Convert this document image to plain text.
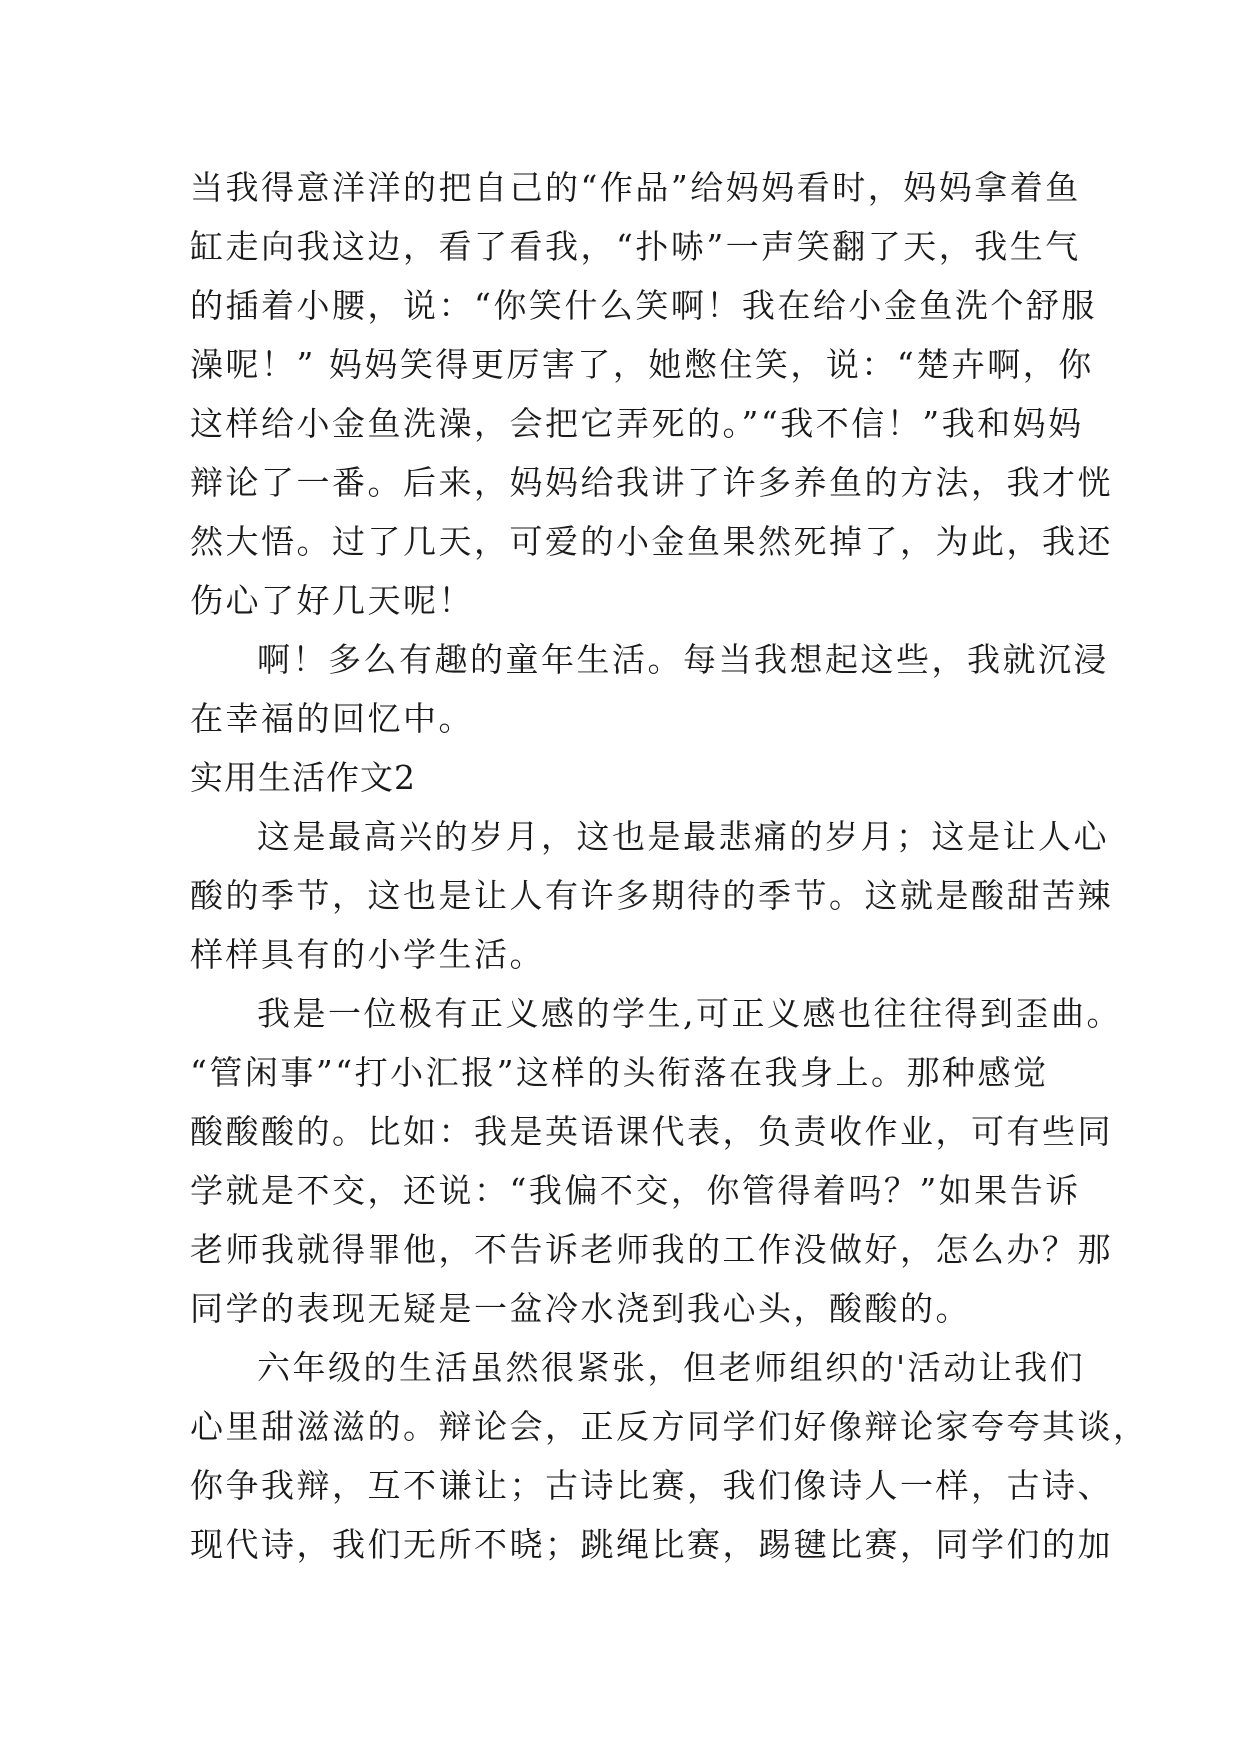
当我得意洋洋的把自己的“作品”给妈妈看时，妈妈拿着鱼
缸走向我这边，看了看我，“扑哧”一声笑翻了天，我生气
的插着小腰，说：“你笑什么笑啊！我在给小金鱼洗个舒服
澡呢！” 妈妈笑得更厉害了，她憋住笑，说：“楚卉啊，你
这样给小金鱼洗澡，会把它弄死的。”“我不信！”我和妈妈
辩论了一番。后来，妈妈给我讲了许多养鱼的方法，我才恍
然大悟。过了几天，可爱的小金鱼果然死掉了，为此，我还
伤心了好几天呢！
啊！多么有趣的童年生活。每当我想起这些，我就沉浸
在幸福的回忆中。
实用生活作文2
这是最高兴的岁月，这也是最悲痛的岁月；这是让人心
酸的季节，这也是让人有许多期待的季节。这就是酸甜苦辣
样样具有的小学生活。
我是一位极有正义感的学生,可正义感也往往得到歪曲。
“管闲事”“打小汇报”这样的头衔落在我身上。那种感觉
酸酸酸的。比如：我是英语课代表，负责收作业，可有些同
学就是不交，还说：“我偏不交，你管得着吗？”如果告诉
老师我就得罪他，不告诉老师我的工作没做好，怎么办？那
同学的表现无疑是一盆冷水浇到我心头，酸酸的。
六年级的生活虽然很紧张，但老师组织的'活动让我们
心里甜滋滋的。辩论会，正反方同学们好像辩论家夸夸其谈，
你争我辩，互不谦让；古诗比赛，我们像诗人一样，古诗、
现代诗，我们无所不晓；跳绳比赛，踢毽比赛，同学们的加
